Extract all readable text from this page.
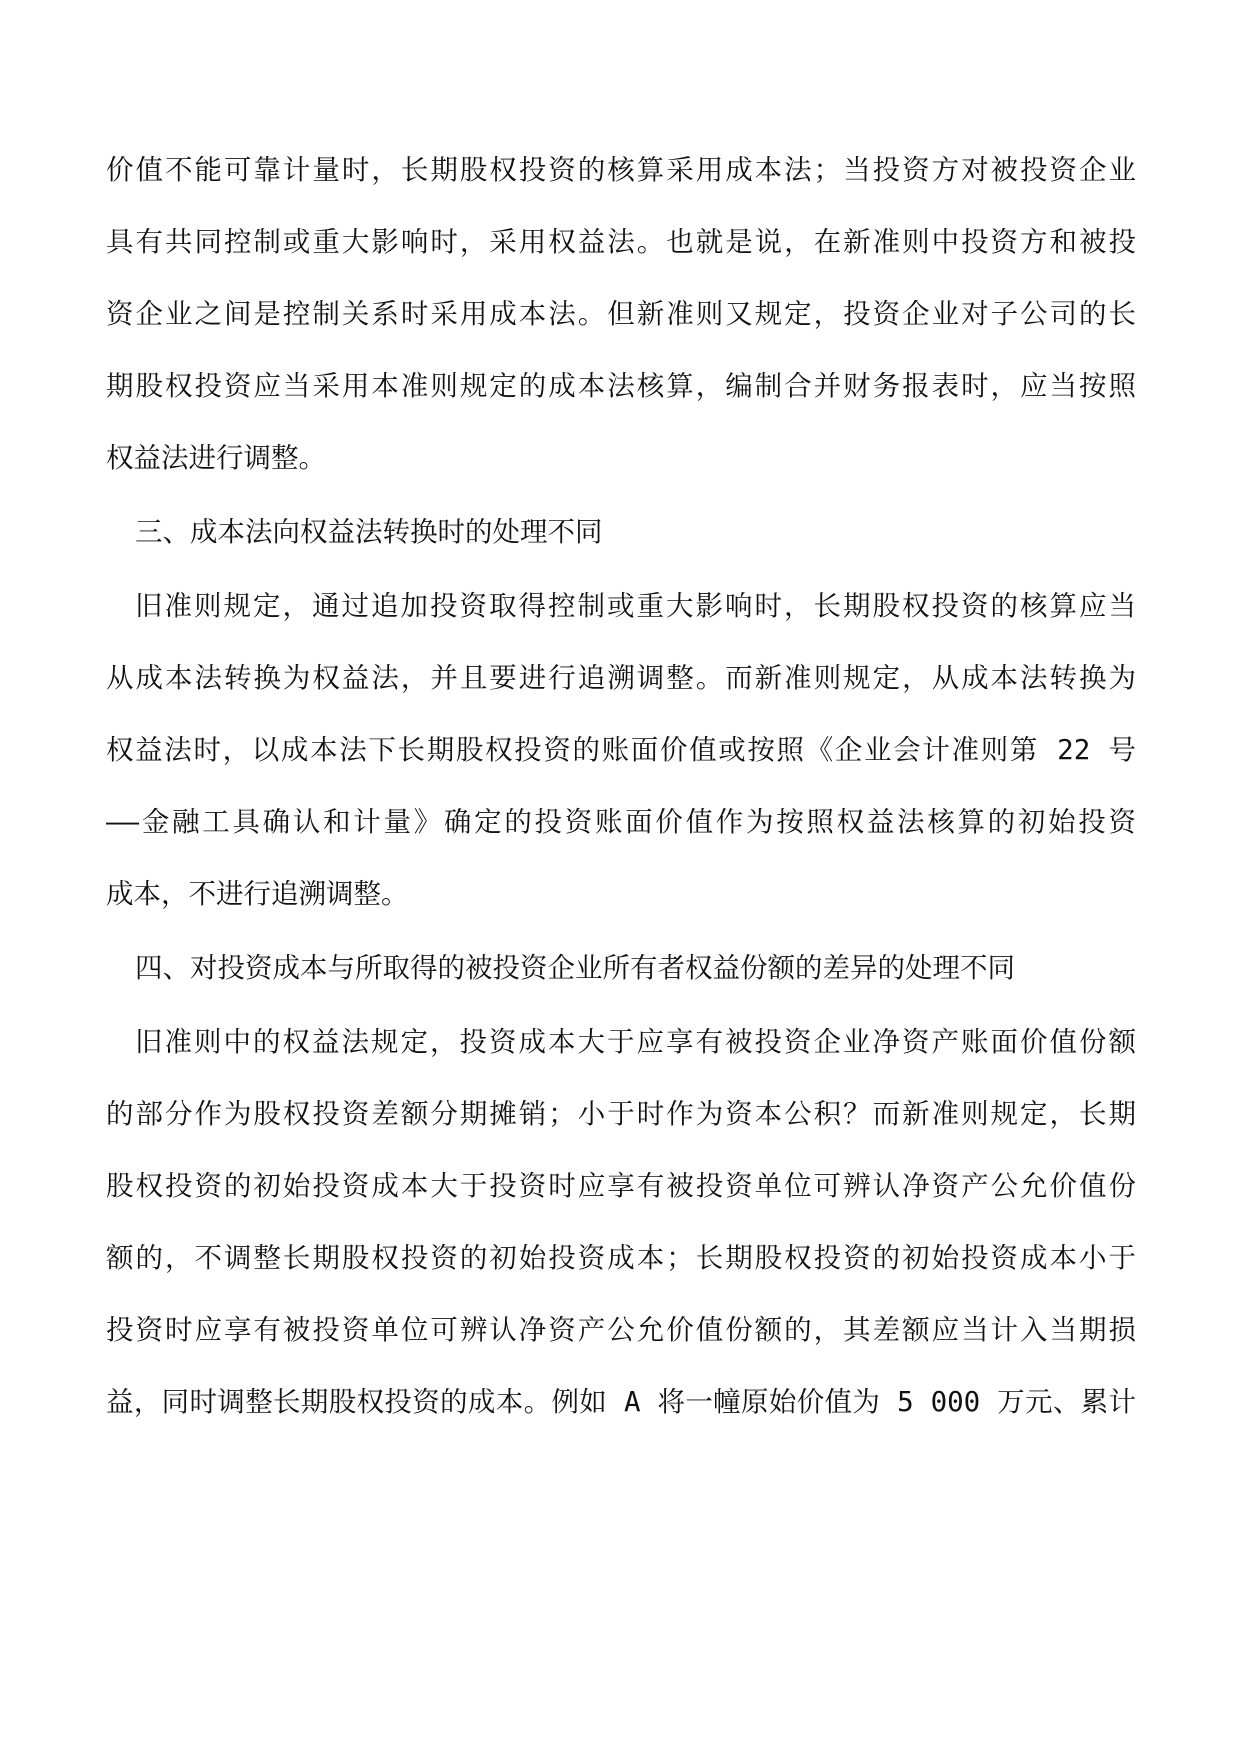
价值不能可靠计量时，长期股权投资的核算采用成本法；当投资方对被投资企业
具有共同控制或重大影响时，采用权益法。也就是说，在新准则中投资方和被投
资企业之间是控制关系时采用成本法。但新准则又规定，投资企业对子公司的长
期股权投资应当采用本准则规定的成本法核算，编制合并财务报表时，应当按照
权益法进行调整。
三、成本法向权益法转换时的处理不同
旧准则规定，通过追加投资取得控制或重大影响时，长期股权投资的核算应当
从成本法转换为权益法，并且要进行追溯调整。而新准则规定，从成本法转换为
权益法时，以成本法下长期股权投资的账面价值或按照《企业会计准则第 22 号
——金融工具确认和计量》确定的投资账面价值作为按照权益法核算的初始投资
成本，不进行追溯调整。
四、对投资成本与所取得的被投资企业所有者权益份额的差异的处理不同
旧准则中的权益法规定，投资成本大于应享有被投资企业净资产账面价值份额
的部分作为股权投资差额分期摊销；小于时作为资本公积？而新准则规定，长期
股权投资的初始投资成本大于投资时应享有被投资单位可辨认净资产公允价值份
额的，不调整长期股权投资的初始投资成本；长期股权投资的初始投资成本小于
投资时应享有被投资单位可辨认净资产公允价值份额的，其差额应当计入当期损
益，同时调整长期股权投资的成本。例如 A 将一幢原始价值为 5 000 万元、累计
